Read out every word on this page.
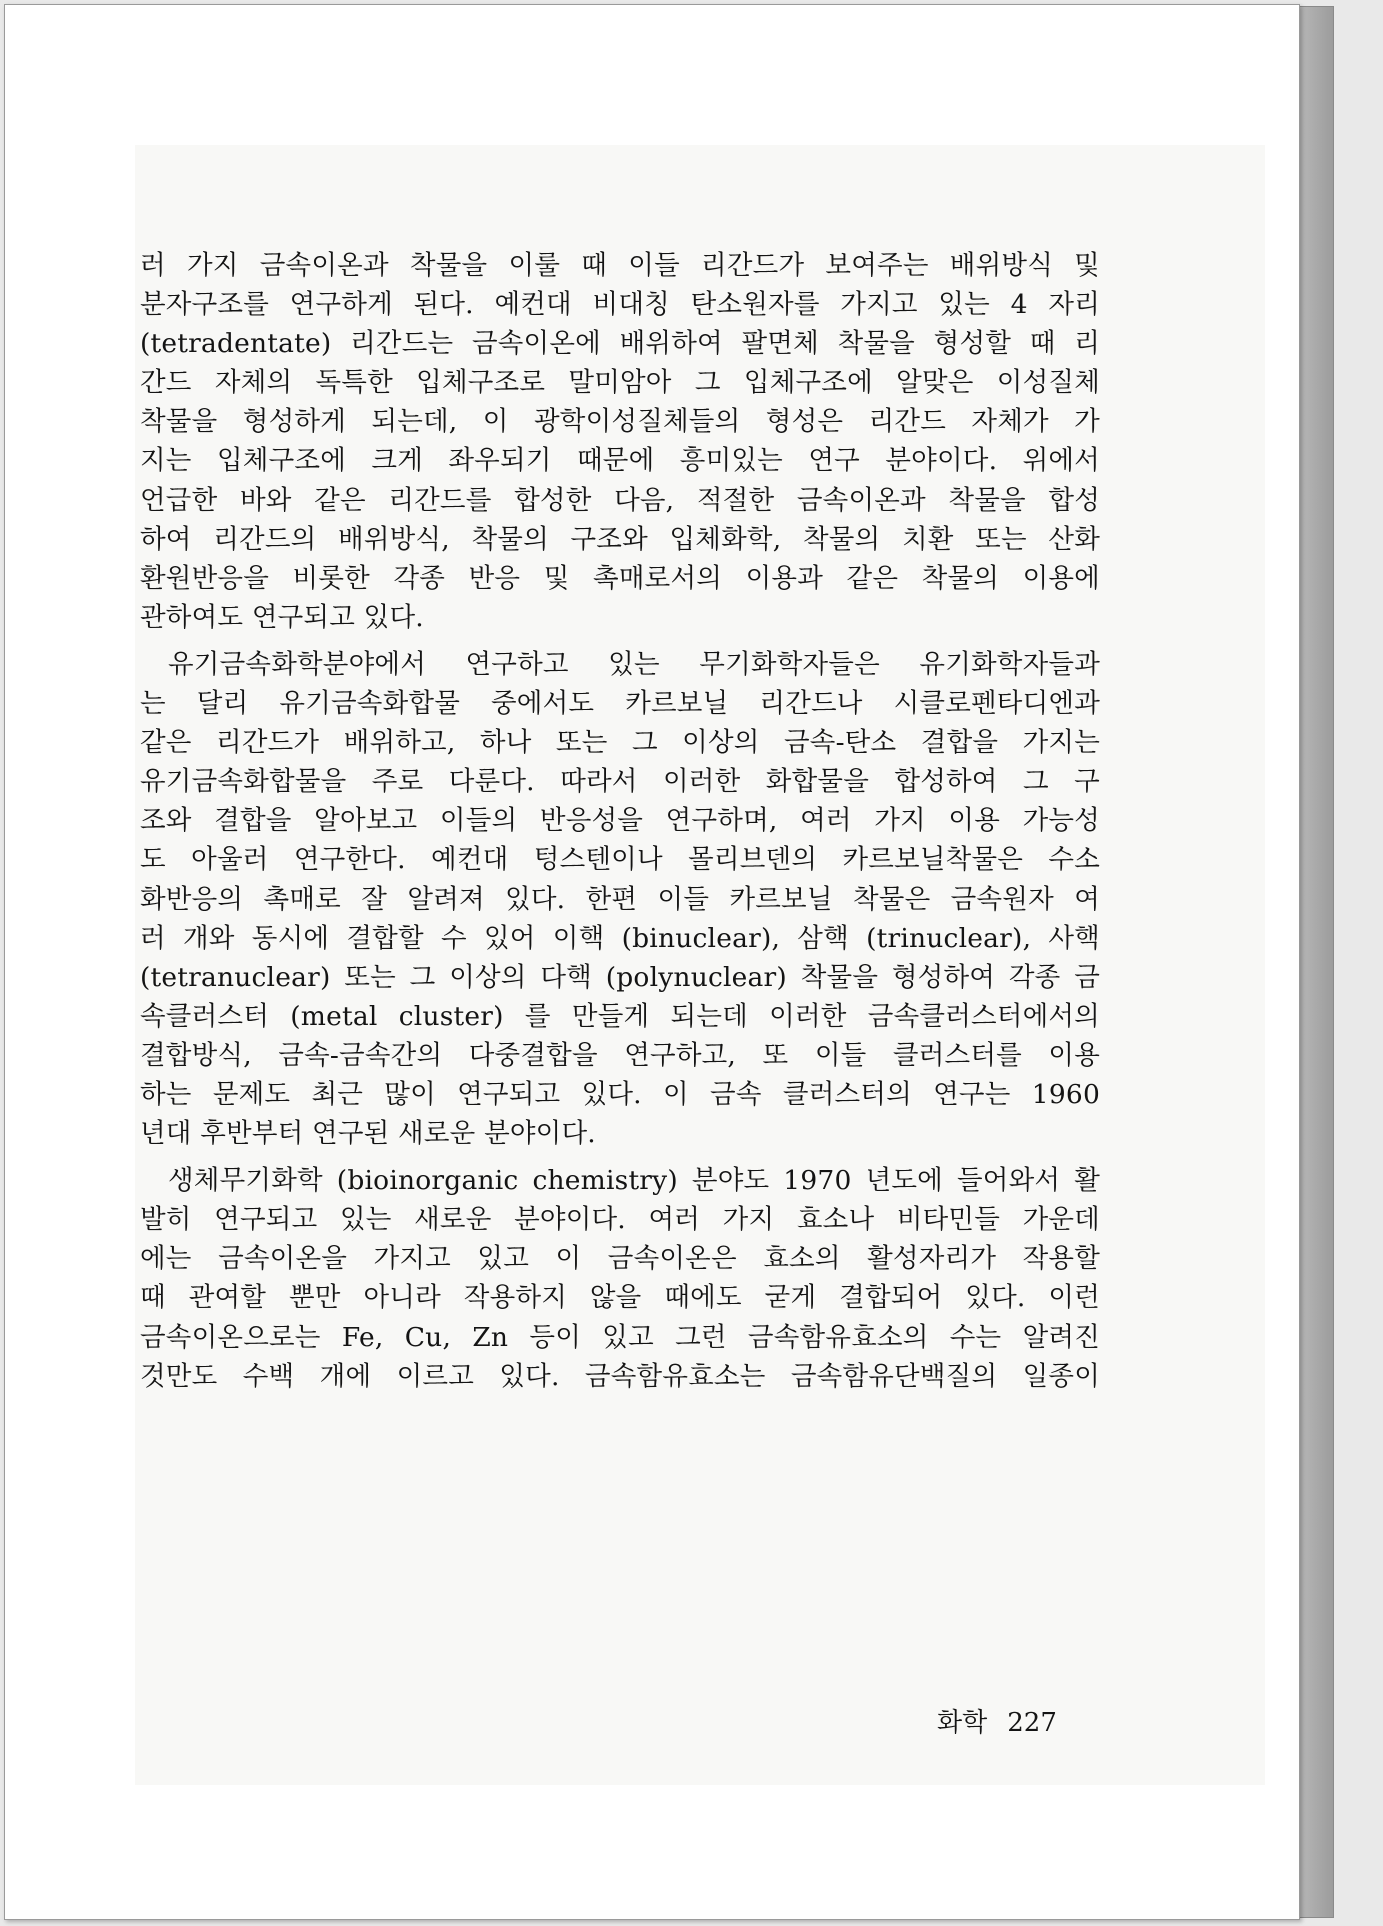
러 가지 금속이온과 착물을 이룰 때 이들 리간드가 보여주는 배위방식 및
분자구조를 연구하게 된다. 예컨대 비대칭 탄소원자를 가지고 있는 4 자리
(tetradentate) 리간드는 금속이온에 배위하여 팔면체 착물을 형성할 때 리
간드 자체의 독특한 입체구조로 말미암아 그 입체구조에 알맞은 이성질체
착물을 형성하게 되는데, 이 광학이성질체들의 형성은 리간드 자체가 가
지는 입체구조에 크게 좌우되기 때문에 흥미있는 연구 분야이다. 위에서
언급한 바와 같은 리간드를 합성한 다음, 적절한 금속이온과 착물을 합성
하여 리간드의 배위방식, 착물의 구조와 입체화학, 착물의 치환 또는 산화
환원반응을 비롯한 각종 반응 및 촉매로서의 이용과 같은 착물의 이용에
관하여도 연구되고 있다.
유기금속화학분야에서 연구하고 있는 무기화학자들은 유기화학자들과
는 달리 유기금속화합물 중에서도 카르보닐 리간드나 시클로펜타디엔과
같은 리간드가 배위하고, 하나 또는 그 이상의 금속-탄소 결합을 가지는
유기금속화합물을 주로 다룬다. 따라서 이러한 화합물을 합성하여 그 구
조와 결합을 알아보고 이들의 반응성을 연구하며, 여러 가지 이용 가능성
도 아울러 연구한다. 예컨대 텅스텐이나 몰리브덴의 카르보닐착물은 수소
화반응의 촉매로 잘 알려져 있다. 한편 이들 카르보닐 착물은 금속원자 여
러 개와 동시에 결합할 수 있어 이핵 (binuclear), 삼핵 (trinuclear), 사핵
(tetranuclear) 또는 그 이상의 다핵 (polynuclear) 착물을 형성하여 각종 금
속클러스터 (metal cluster) 를 만들게 되는데 이러한 금속클러스터에서의
결합방식, 금속-금속간의 다중결합을 연구하고, 또 이들 클러스터를 이용
하는 문제도 최근 많이 연구되고 있다. 이 금속 클러스터의 연구는 1960
년대 후반부터 연구된 새로운 분야이다.
생체무기화학 (bioinorganic chemistry) 분야도 1970 년도에 들어와서 활
발히 연구되고 있는 새로운 분야이다. 여러 가지 효소나 비타민들 가운데
에는 금속이온을 가지고 있고 이 금속이온은 효소의 활성자리가 작용할
때 관여할 뿐만 아니라 작용하지 않을 때에도 굳게 결합되어 있다. 이런
금속이온으로는 Fe, Cu, Zn 등이 있고 그런 금속함유효소의 수는 알려진
것만도 수백 개에 이르고 있다. 금속함유효소는 금속함유단백질의 일종이
화학 227
